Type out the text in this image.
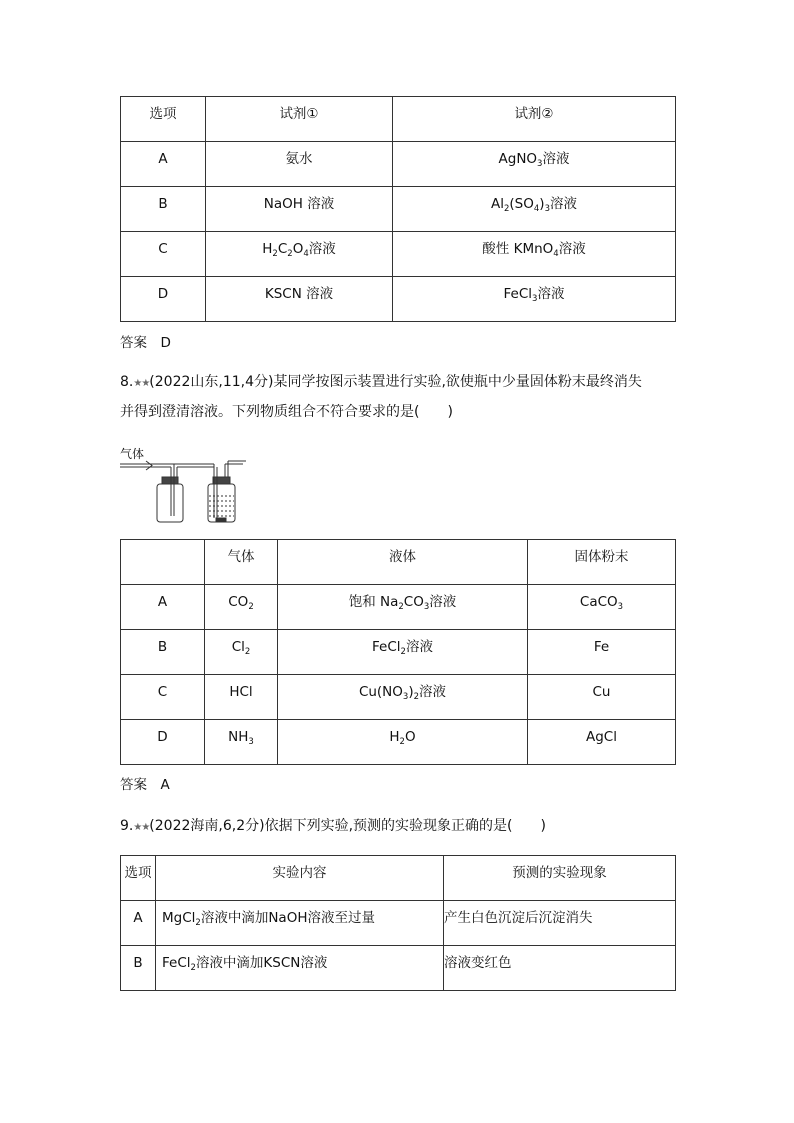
选项	试剂①	试剂②
A	氨水	AgNO$_3$溶液
B	NaOH 溶液	$Al_2(SO_4)_3$溶液
C	$H_2C_2O_4$溶液	酸性 KMnO$_4$溶液
D	KSCN 溶液	FeCl$_3$溶液
答案　D
8.★★(2022山东,11,4分)某同学按图示装置进行实验,欲使瓶中少量固体粉末最终消失
并得到澄清溶液。下列物质组合不符合要求的是(　　)
气体
	气体	液体	固体粉末
A	$CO_2$	饱和 $Na_2CO_3$溶液	CaCO$_3$
B	$Cl_2$	FeCl$_2$溶液	Fe
C	HCl	$Cu(NO_3)_2$溶液	Cu
D	$NH_3$	$H_2O$	AgCl
答案　A
9.★★(2022海南,6,2分)依据下列实验,预测的实验现象正确的是(　　)
选项	实验内容	预测的实验现象
A	MgCl$_2$溶液中滴加NaOH溶液至过量	产生白色沉淀后沉淀消失
B	FeCl$_2$溶液中滴加KSCN溶液	溶液变红色
